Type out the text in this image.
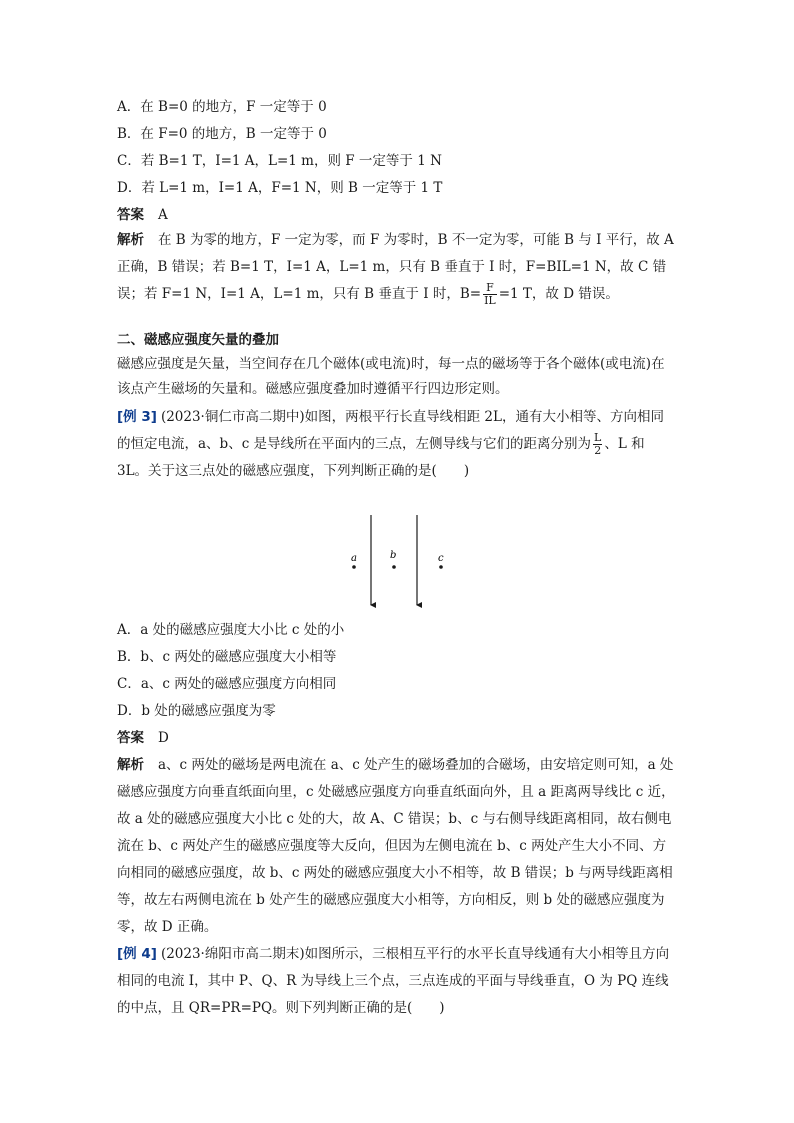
A．在 B=0 的地方，F 一定等于 0
B．在 F=0 的地方，B 一定等于 0
C．若 B=1 T，I=1 A，L=1 m，则 F 一定等于 1 N
D．若 L=1 m，I=1 A，F=1 N，则 B 一定等于 1 T
答案 A
解析 在 B 为零的地方，F 一定为零，而 F 为零时，B 不一定为零，可能 B 与 I 平行，故 A 正确，B 错误；若 B=1 T，I=1 A，L=1 m，只有 B 垂直于 I 时，F=BIL=1 N，故 C 错误；若 F=1 N，I=1 A，L=1 m，只有 B 垂直于 I 时，$B= \frac{F}{IL} =1$ T，故 D 错误。
二、磁感应强度矢量的叠加
磁感应强度是矢量，当空间存在几个磁体(或电流)时，每一点的磁场等于各个磁体(或电流)在该点产生磁场的矢量和。磁感应强度叠加时遵循平行四边形定则。
[例 3] (2023·铜仁市高二期中)如图，两根平行长直导线相距 2L，通有大小相等、方向相同的恒定电流，a、b、c 是导线所在平面内的三点，左侧导线与它们的距离分别为 $\frac{L}{2}$ 、L 和 3L。关于这三点处的磁感应强度，下列判断正确的是(　　)
a	b	c
A．a 处的磁感应强度大小比 c 处的小
B．b、c 两处的磁感应强度大小相等
C．a、c 两处的磁感应强度方向相同
D．b 处的磁感应强度为零
答案 D
解析 a、c 两处的磁场是两电流在 a、c 处产生的磁场叠加的合磁场，由安培定则可知，a 处磁感应强度方向垂直纸面向里，c 处磁感应强度方向垂直纸面向外，且 a 距离两导线比 c 近，故 a 处的磁感应强度大小比 c 处的大，故 A、C 错误；b、c 与右侧导线距离相同，故右侧电流在 b、c 两处产生的磁感应强度等大反向，但因为左侧电流在 b、c 两处产生大小不同、方向相同的磁感应强度，故 b、c 两处的磁感应强度大小不相等，故 B 错误；b 与两导线距离相等，故左右两侧电流在 b 处产生的磁感应强度大小相等，方向相反，则 b 处的磁感应强度为零，故 D 正确。
[例 4] (2023·绵阳市高二期末)如图所示，三根相互平行的水平长直导线通有大小相等且方向相同的电流 I，其中 P、Q、R 为导线上三个点，三点连成的平面与导线垂直，O 为 PQ 连线的中点，且 QR=PR=PQ。则下列判断正确的是(　　)
